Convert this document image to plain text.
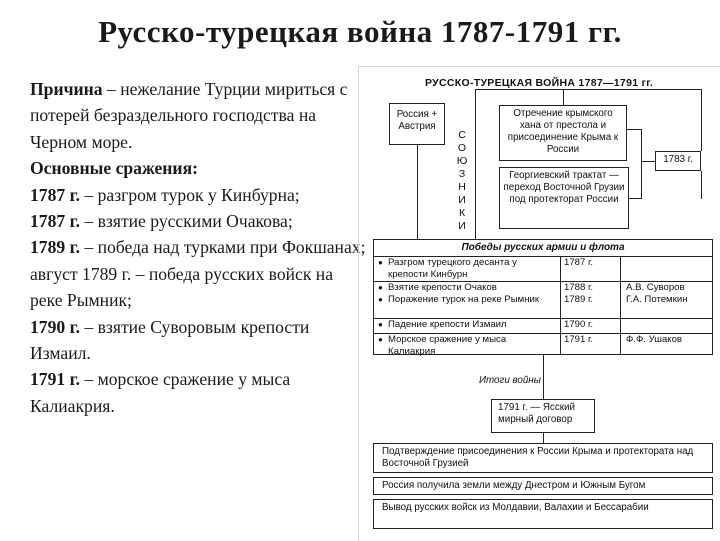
Русско-турецкая война 1787-1791 гг.

Причина – нежелание Турции мириться с потерей безраздельного господства на Черном море.

Основные сражения:

1787 г. – разгром турок у Кинбурна;

1787 г. – взятие русскими Очакова;

1789 г. – победа над турками при Фокшанах;

август 1789 г. – победа русских войск на реке Рымник;

1790 г. – взятие Суворовым крепости Измаил.

1791 г. – морское сражение у мыса Калиакрия.

РУССКО-ТУРЕЦКАЯ ВОЙНА 1787—1791 гг.
Россия + Австрия
С
О
Ю
З
Н
И
К
И
Отречение крымского хана от престола и присоединение Крыма к России
Георгиевский трактат — переход Восточной Грузии под протекторат России
1783 г.
Победы русских армии и флота
● Разгром турецкого десанта у крепости Кинбурн
1787 г.
● Взятие крепости Очаков
● Поражение турок на реке Рымник
1788 г.
1789 г.
А.В. Суворов
Г.А. Потемкин
● Падение крепости Измаил	1790 г.
● Морское сражение у мыса Калиакрия
1791 г.	Ф.Ф. Ушаков
Итоги войны
1791 г. — Ясский мирный договор
Подтверждение присоединения к России Крыма и протектората над Восточной Грузией
Россия получила земли между Днестром и Южным Бугом
Вывод русских войск из Молдавии, Валахии и Бессарабии
